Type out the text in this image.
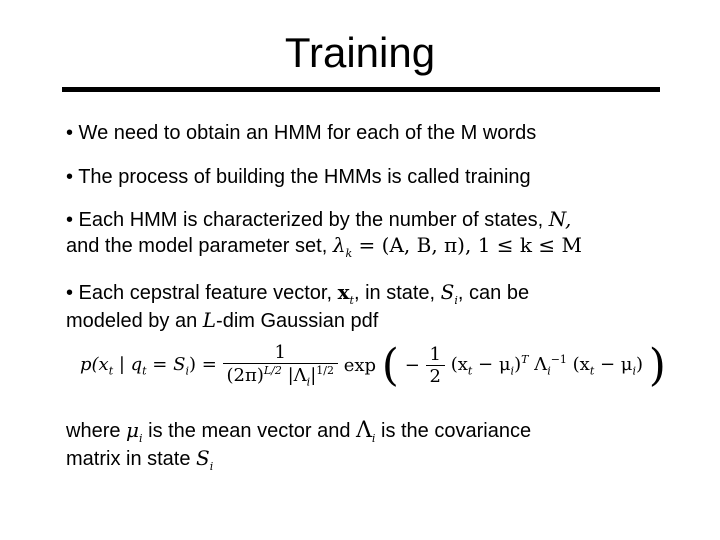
Training
• We need to obtain an HMM for each of the M words
• The process of building the HMMs is called training
• Each HMM is characterized by the number of states, N,
and the model parameter set, $\lambda_k = (A$, B, π), 1 ≤ k ≤ M
• Each cepstral feature vector, $x_t$, in state, $S_i$, can be
modeled by an L-dim Gaussian pdf
$p(x_t$ | $q_t = S_i) = \frac{1}{(2\pi)^{L/2} |\Lambda_i|^{1/2}}$ exp ( − $\frac{1}{2} (x_t - \mu_i)^T$ $\Lambda_i^{-1}$ $(x_t - \mu_i)$ )
where $\mu_i$ is the mean vector and $\Lambda_i$ is the covariance
matrix in state $S_i$
